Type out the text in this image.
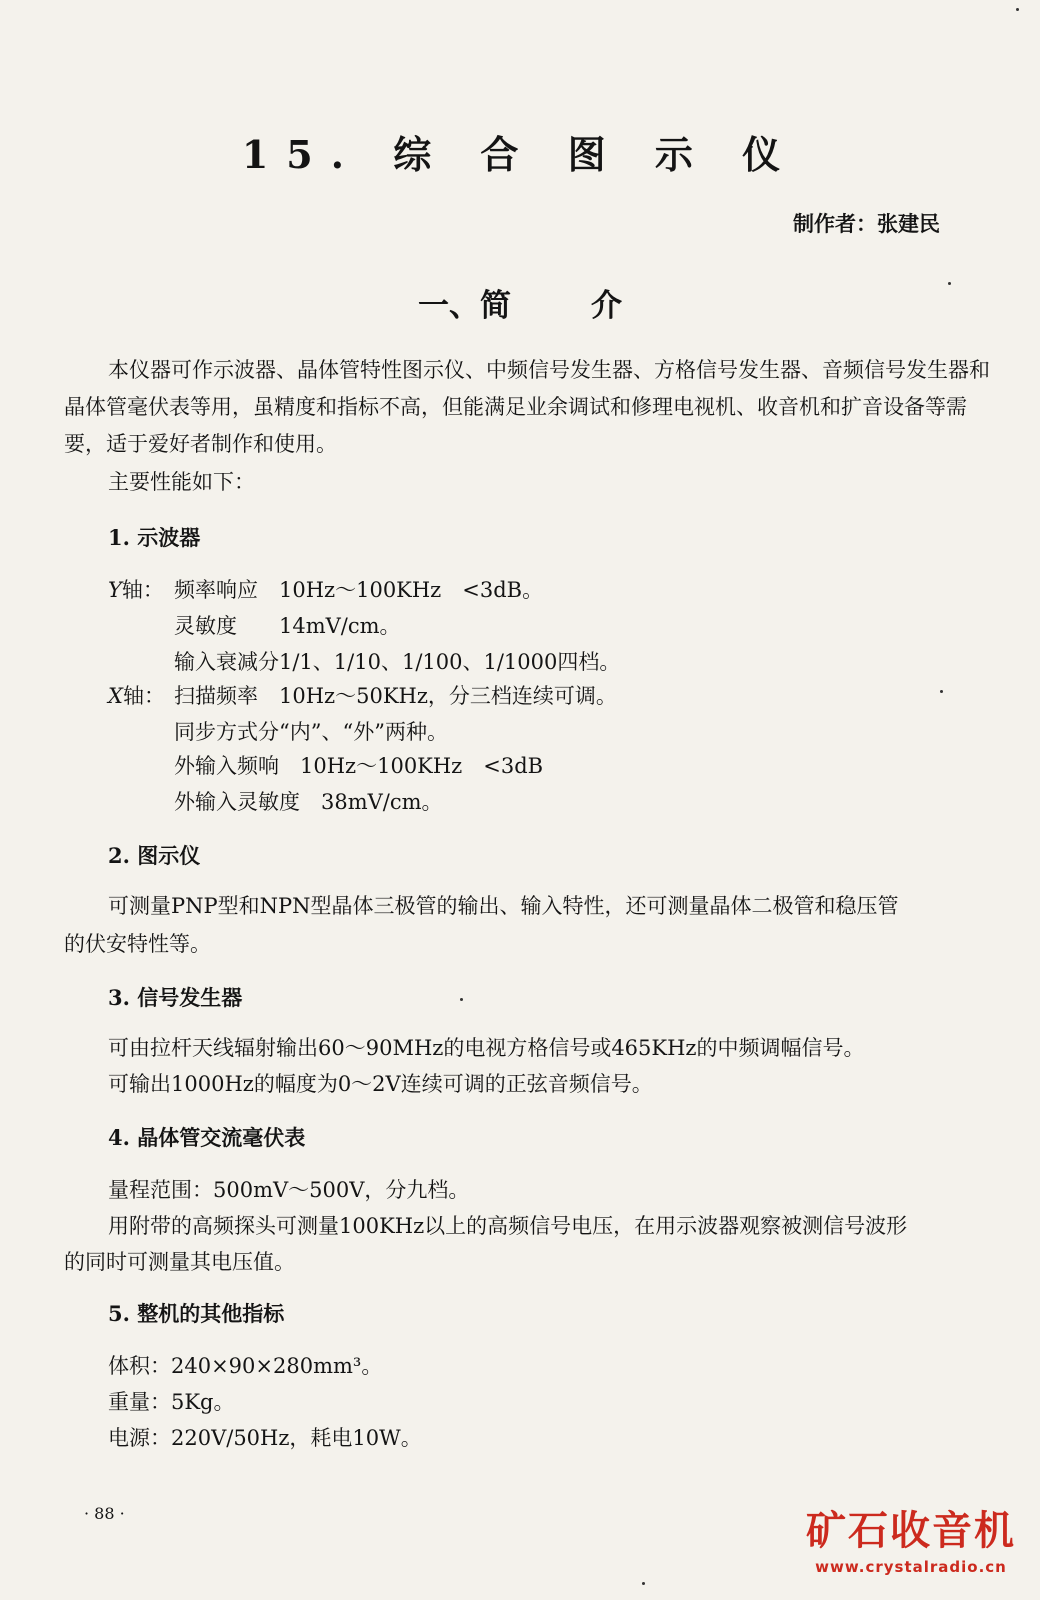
15. 综 合 图 示 仪
制作者：张建民
一、简	介

本仪器可作示波器、晶体管特性图示仪、中频信号发生器、方格信号发生器、音频信号发生器和晶体管毫伏表等用，虽精度和指标不高，但能满足业余调试和修理电视机、收音机和扩音设备等需要，适于爱好者制作和使用。

主要性能如下：
1. 示波器
Y轴： 频率响应　10Hz～100KHz　<3dB。
灵敏度　　14mV/cm。
输入衰减分1/1、1/10、1/100、1/1000四档。
X轴： 扫描频率　10Hz～50KHz，分三档连续可调。
同步方式分“内”、“外”两种。
外输入频响　10Hz～100KHz　<3dB
外输入灵敏度　38mV/cm。
2. 图示仪
可测量PNP型和NPN型晶体三极管的输出、输入特性，还可测量晶体二极管和稳压管
的伏安特性等。
3. 信号发生器
可由拉杆天线辐射输出60～90MHz的电视方格信号或465KHz的中频调幅信号。
可输出1000Hz的幅度为0～2V连续可调的正弦音频信号。
4. 晶体管交流毫伏表
量程范围：500mV～500V，分九档。
用附带的高频探头可测量100KHz以上的高频信号电压，在用示波器观察被测信号波形
的同时可测量其电压值。
5. 整机的其他指标
体积：240×90×280mm³。
重量：5Kg。
电源：220V/50Hz，耗电10W。
· 88 ·	矿石收音机
www.crystalradio.cn
